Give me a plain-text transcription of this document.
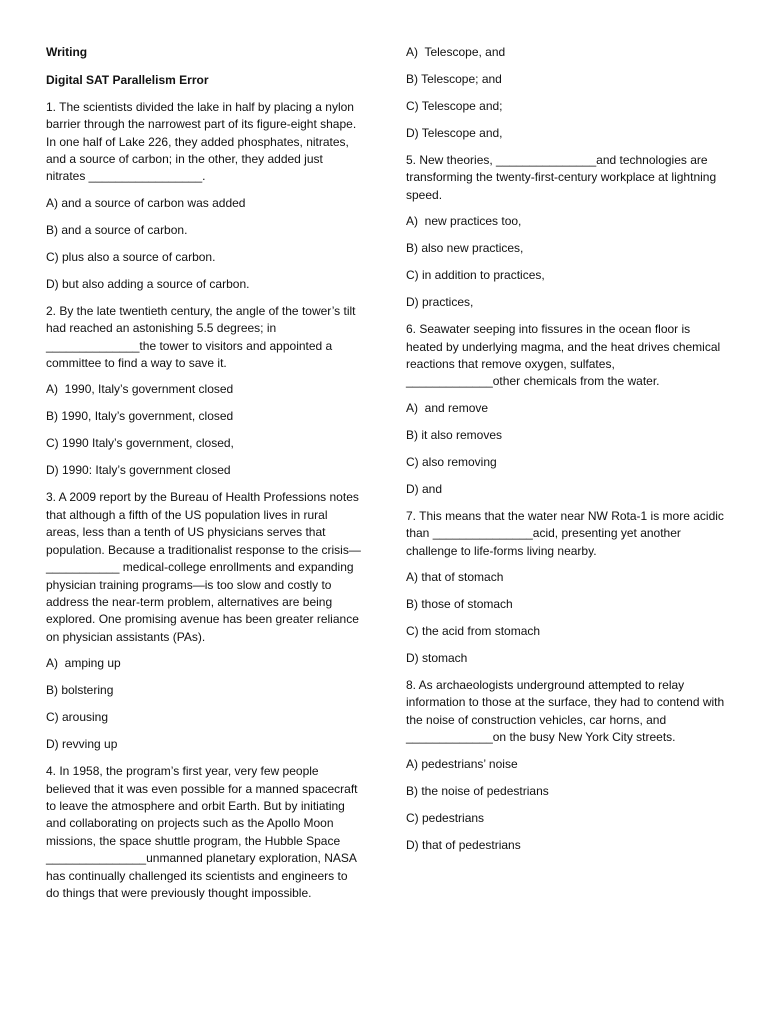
Writing
Digital SAT Parallelism Error
1. The scientists divided the lake in half by placing a nylon barrier through the narrowest part of its figure-eight shape. In one half of Lake 226, they added phosphates, nitrates, and a source of carbon; in the other, they added just nitrates _________________.
A) and a source of carbon was added
B) and a source of carbon.
C) plus also a source of carbon.
D) but also adding a source of carbon.
2. By the late twentieth century, the angle of the tower’s tilt had reached an astonishing 5.5 degrees; in ______________the tower to visitors and appointed a committee to find a way to save it.
A)  1990, Italy’s government closed
B) 1990, Italy’s government, closed
C) 1990 Italy’s government, closed,
D) 1990: Italy’s government closed
3. A 2009 report by the Bureau of Health Professions notes that although a fifth of the US population lives in rural areas, less than a tenth of US physicians serves that population. Because a traditionalist response to the crisis— ___________ medical-college enrollments and expanding physician training programs—is too slow and costly to address the near-term problem, alternatives are being explored. One promising avenue has been greater reliance on physician assistants (PAs).
A)  amping up
B) bolstering
C) arousing
D) revving up
4. In 1958, the program’s first year, very few people believed that it was even possible for a manned spacecraft to leave the atmosphere and orbit Earth. But by initiating and collaborating on projects such as the Apollo Moon missions, the space shuttle program, the Hubble Space _______________unmanned planetary exploration, NASA has continually challenged its scientists and engineers to do things that were previously thought impossible.
A)  Telescope, and
B) Telescope; and
C) Telescope and;
D) Telescope and,
5. New theories, _______________and technologies are transforming the twenty-first-century workplace at lightning speed.
A)  new practices too,
B) also new practices,
C) in addition to practices,
D) practices,
6. Seawater seeping into fissures in the ocean floor is heated by underlying magma, and the heat drives chemical reactions that remove oxygen, sulfates, _____________other chemicals from the water.
A)  and remove
B) it also removes
C) also removing
D) and
7. This means that the water near NW Rota-1 is more acidic than _______________acid, presenting yet another challenge to life-forms living nearby.
A) that of stomach
B) those of stomach
C) the acid from stomach
D) stomach
8. As archaeologists underground attempted to relay information to those at the surface, they had to contend with the noise of construction vehicles, car horns, and _____________on the busy New York City streets.
A) pedestrians’ noise
B) the noise of pedestrians
C) pedestrians
D) that of pedestrians
